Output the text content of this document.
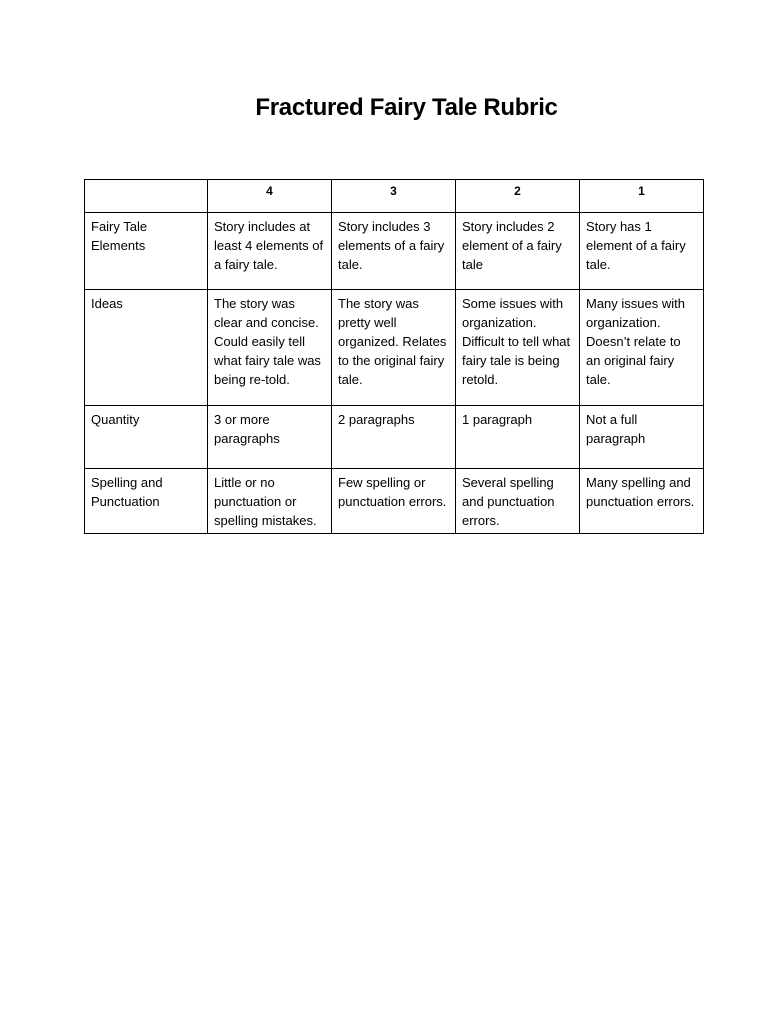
Fractured Fairy Tale Rubric
	4	3	2	1
Fairy Tale Elements	Story includes at least 4 elements of a fairy tale.	Story includes 3 elements of a fairy tale.	Story includes 2 element of a fairy tale	Story has 1 element of a fairy tale.
Ideas	The story was clear and concise. Could easily tell what fairy tale was being re-told.	The story was pretty well organized. Relates to the original fairy tale.	Some issues with organization. Difficult to tell what fairy tale is being retold.	Many issues with organization. Doesn’t relate to an original fairy tale.
Quantity	3 or more paragraphs	2 paragraphs	1 paragraph	Not a full paragraph
Spelling and Punctuation	Little or no punctuation or spelling mistakes.	Few spelling or punctuation errors.	Several spelling and punctuation errors.	Many spelling and punctuation errors.
